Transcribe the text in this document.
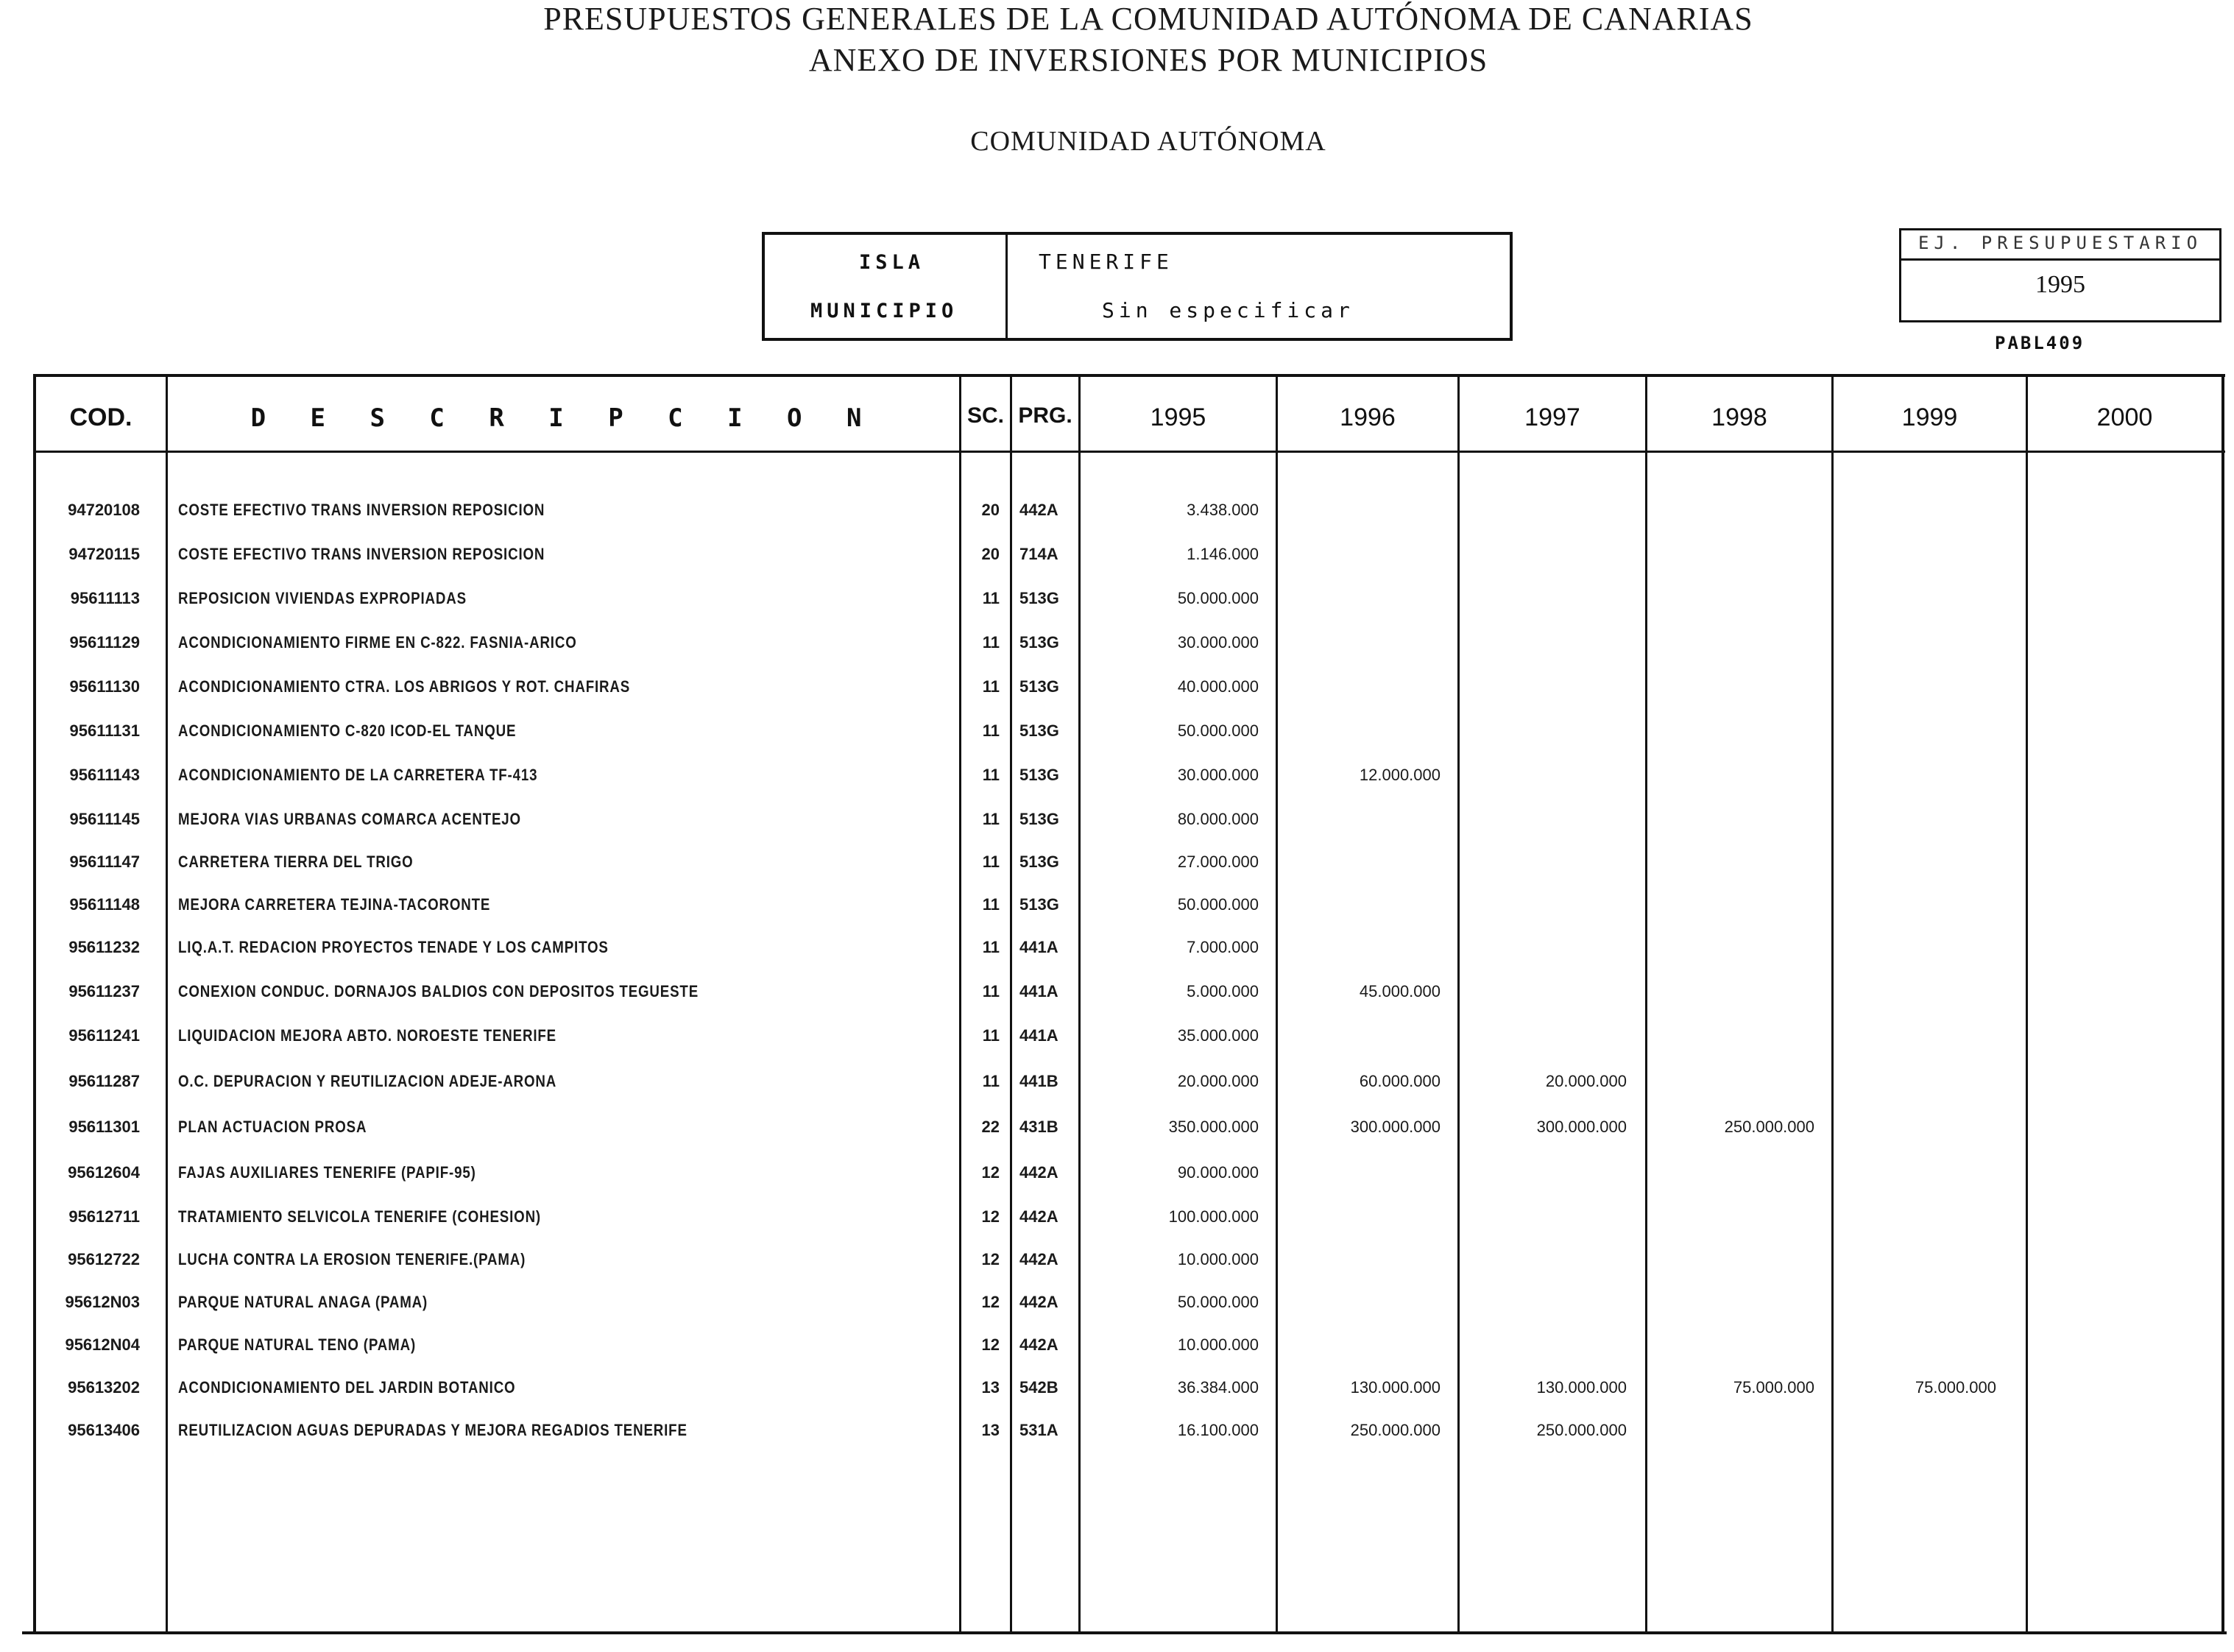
PRESUPUESTOS GENERALES DE LA COMUNIDAD AUTÓNOMA DE CANARIAS
ANEXO DE INVERSIONES POR MUNICIPIOS
COMUNIDAD AUTÓNOMA
ISLA	TENERIFE
MUNICIPIO	Sin especificar
EJ. PRESUPUESTARIO
1995
PABL409
COD.	D E S C R I P C I O N	SC. PRG.	1995	1996	1997	1998	1999	2000
94720108 COSTE EFECTIVO TRANS INVERSION REPOSICION	20 442A	3.438.000
94720115 COSTE EFECTIVO TRANS INVERSION REPOSICION	20 714A	1.146.000
95611113 REPOSICION VIVIENDAS EXPROPIADAS	11 513G	50.000.000
95611129 ACONDICIONAMIENTO FIRME EN C-822. FASNIA-ARICO	11 513G	30.000.000
95611130 ACONDICIONAMIENTO CTRA. LOS ABRIGOS Y ROT. CHAFIRAS	11 513G	40.000.000
95611131 ACONDICIONAMIENTO C-820 ICOD-EL TANQUE	11 513G	50.000.000
95611143 ACONDICIONAMIENTO DE LA CARRETERA TF-413	11 513G	30.000.000	12.000.000
95611145 MEJORA VIAS URBANAS COMARCA ACENTEJO	11 513G	80.000.000
95611147 CARRETERA TIERRA DEL TRIGO	11 513G	27.000.000
95611148 MEJORA CARRETERA TEJINA-TACORONTE	11 513G	50.000.000
95611232 LIQ.A.T. REDACION PROYECTOS TENADE Y LOS CAMPITOS	11 441A	7.000.000
95611237 CONEXION CONDUC. DORNAJOS BALDIOS CON DEPOSITOS TEGUESTE	11 441A	5.000.000	45.000.000
95611241 LIQUIDACION MEJORA ABTO. NOROESTE TENERIFE	11 441A	35.000.000
95611287 O.C. DEPURACION Y REUTILIZACION ADEJE-ARONA	11 441B	20.000.000	60.000.000	20.000.000
95611301 PLAN ACTUACION PROSA	22 431B	350.000.000	300.000.000	300.000.000	250.000.000
95612604 FAJAS AUXILIARES TENERIFE (PAPIF-95)	12 442A	90.000.000
95612711 TRATAMIENTO SELVICOLA TENERIFE (COHESION)	12 442A	100.000.000
95612722 LUCHA CONTRA LA EROSION TENERIFE.(PAMA)	12 442A	10.000.000
95612N03 PARQUE NATURAL ANAGA (PAMA)	12 442A	50.000.000
95612N04 PARQUE NATURAL TENO (PAMA)	12 442A	10.000.000
95613202 ACONDICIONAMIENTO DEL JARDIN BOTANICO	13 542B	36.384.000	130.000.000	130.000.000	75.000.000	75.000.000
95613406 REUTILIZACION AGUAS DEPURADAS Y MEJORA REGADIOS TENERIFE	13 531A	16.100.000	250.000.000	250.000.000
